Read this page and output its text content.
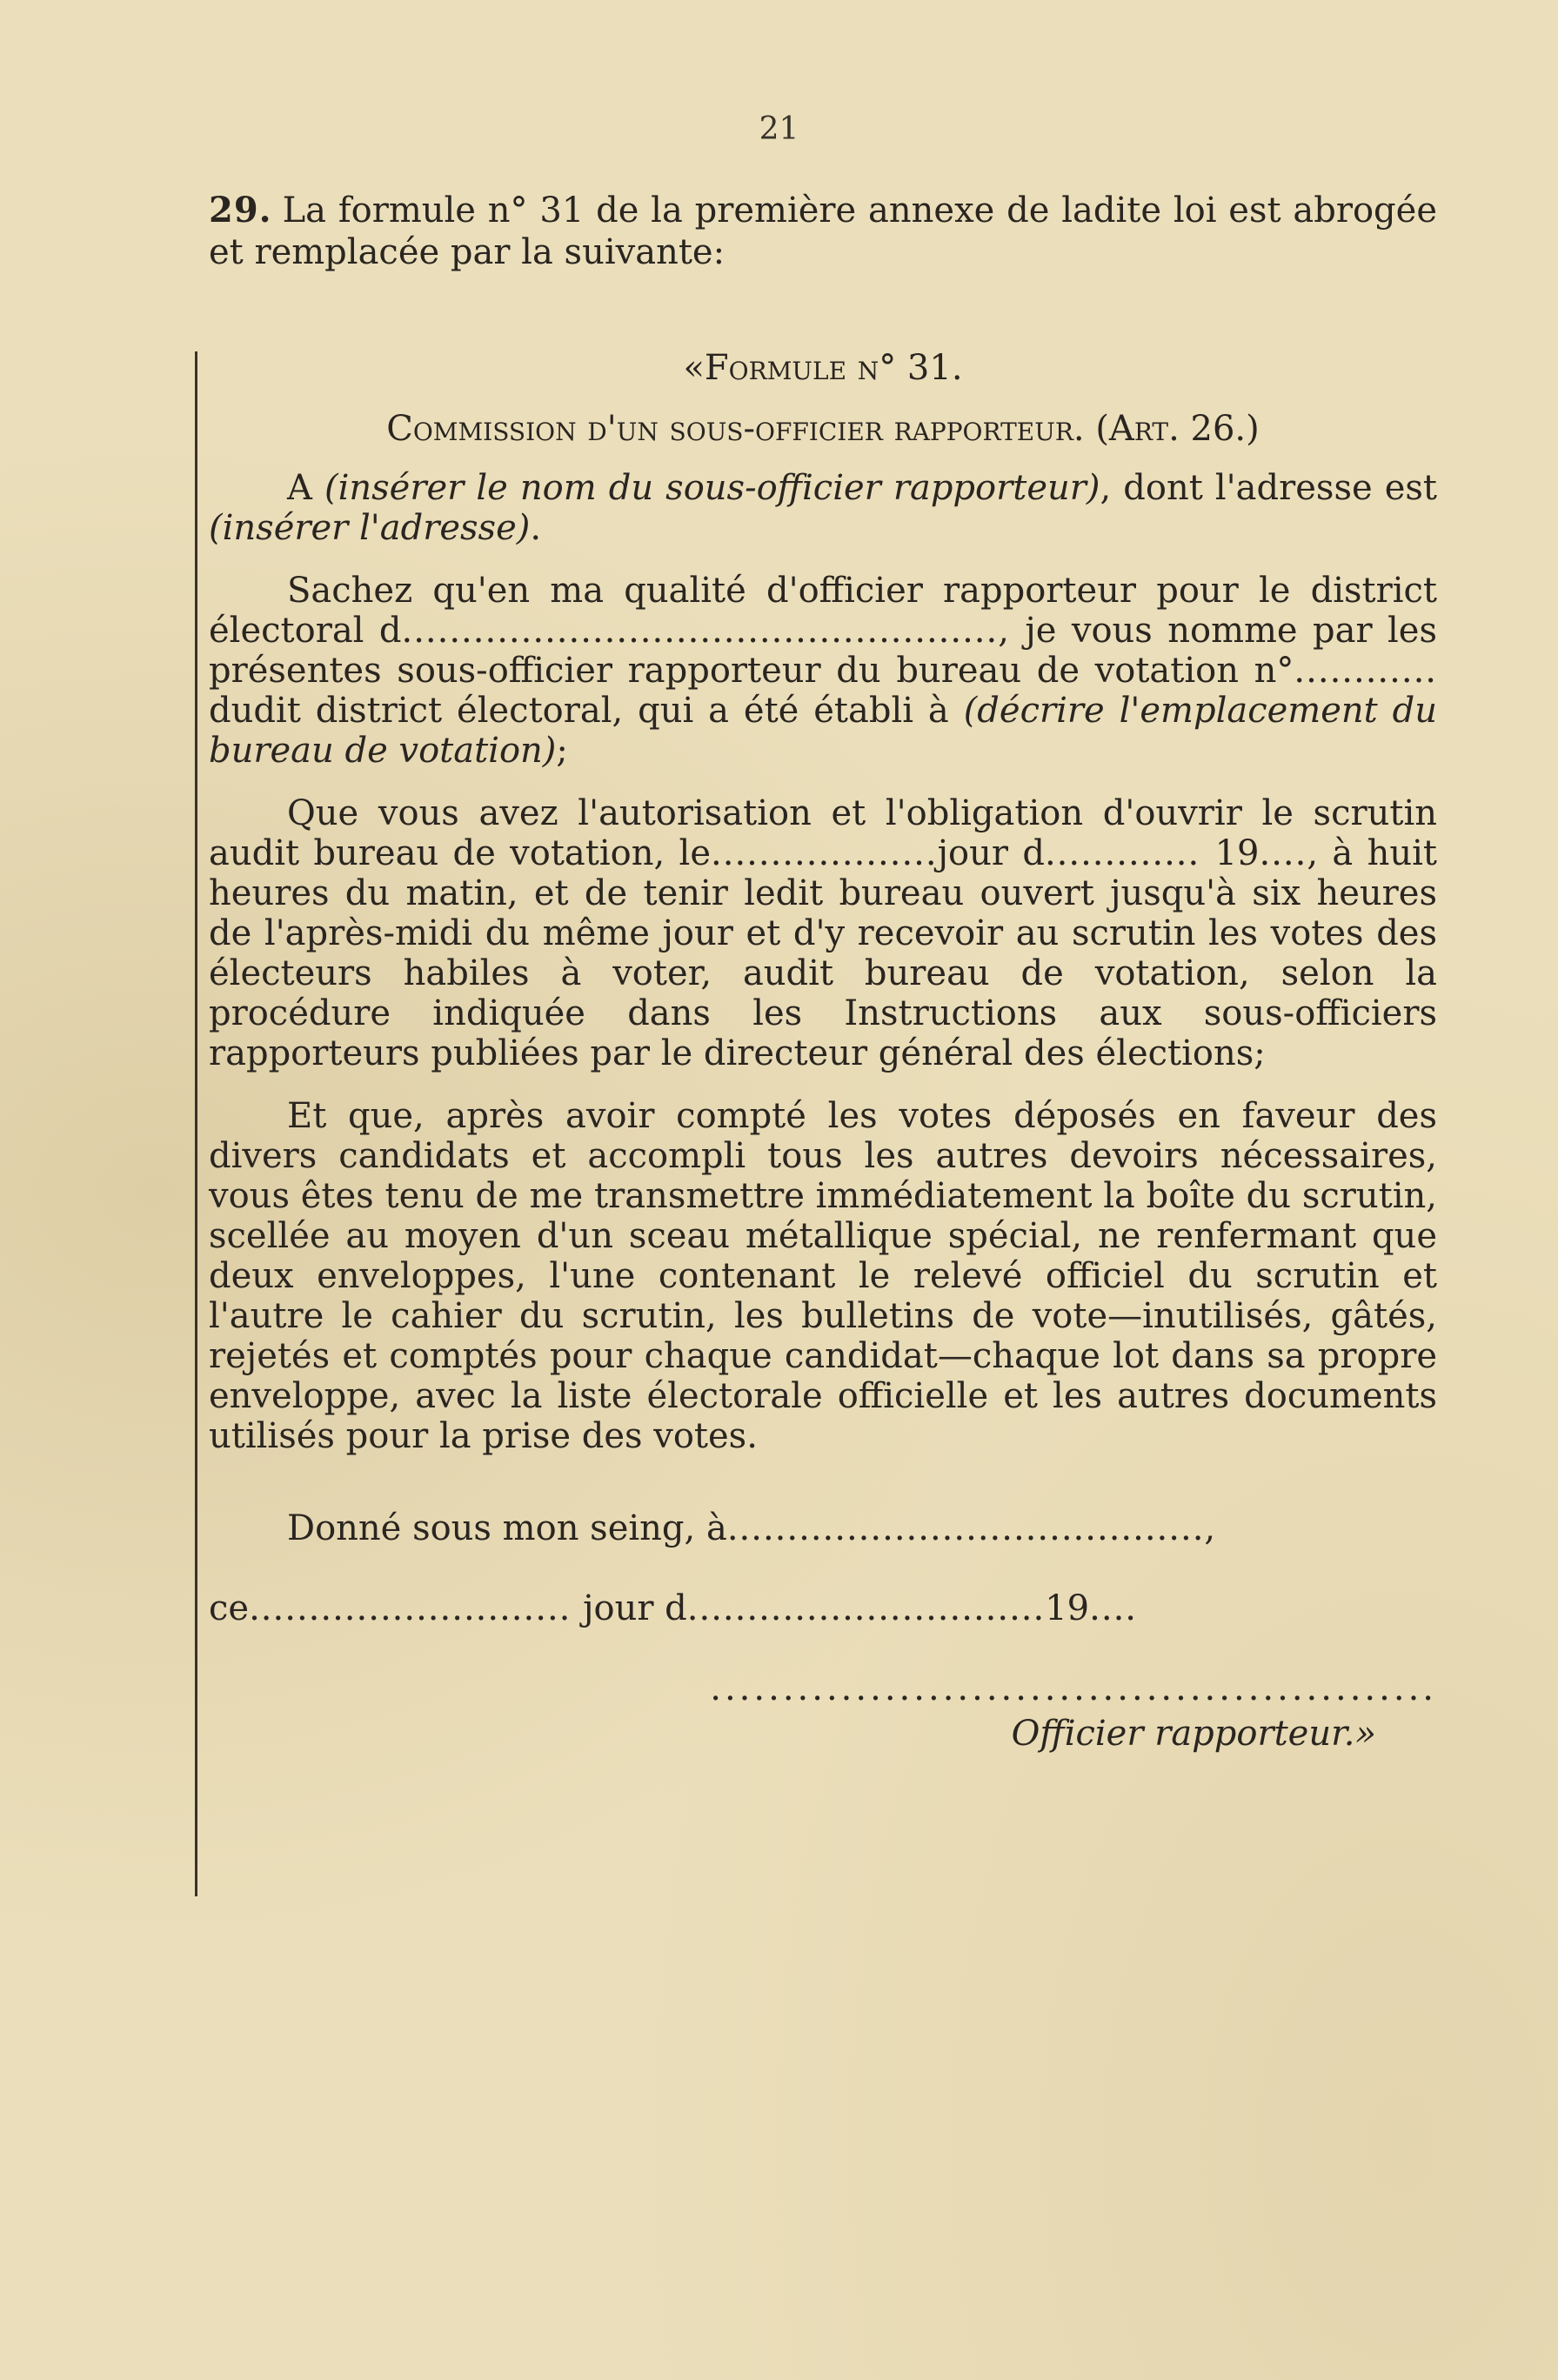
21
29. La formule n° 31 de la première annexe de ladite loi est abrogée et remplacée par la suivante:
«Formule n° 31.
Commission d'un sous-officier rapporteur. (Art. 26.)
A (insérer le nom du sous-officier rapporteur), dont l'adresse est (insérer l'adresse).
Sachez qu'en ma qualité d'officier rapporteur pour le district électoral d.................................................., je vous nomme par les présentes sous-officier rapporteur du bureau de votation n°............ dudit district électoral, qui a été établi à (décrire l'emplacement du bureau de votation);
Que vous avez l'autorisation et l'obligation d'ouvrir le scrutin audit bureau de votation, le...................jour d............. 19...., à huit heures du matin, et de tenir ledit bureau ouvert jusqu'à six heures de l'après-midi du même jour et d'y recevoir au scrutin les votes des électeurs habiles à voter, audit bureau de votation, selon la procédure indiquée dans les Instructions aux sous-officiers rapporteurs publiées par le directeur général des élections;
Et que, après avoir compté les votes déposés en faveur des divers candidats et accompli tous les autres devoirs nécessaires, vous êtes tenu de me transmettre immédiatement la boîte du scrutin, scellée au moyen d'un sceau métallique spécial, ne renfermant que deux enveloppes, l'une contenant le relevé officiel du scrutin et l'autre le cahier du scrutin, les bulletins de vote—inutilisés, gâtés, rejetés et comptés pour chaque candidat—chaque lot dans sa propre enveloppe, avec la liste électorale officielle et les autres documents utilisés pour la prise des votes.
Donné sous mon seing, à........................................,
ce........................... jour d..............................19....
..................................................
Officier rapporteur.»
